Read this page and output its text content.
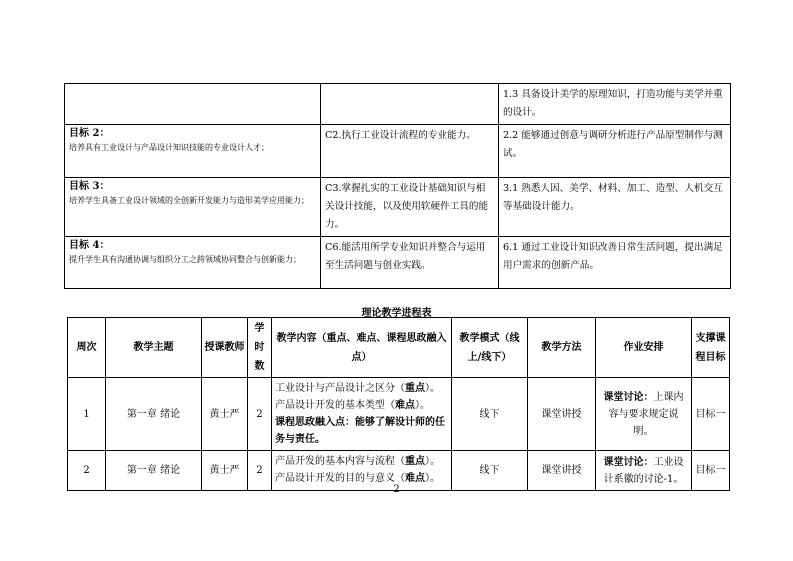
		1.3 具备设计美学的原理知识，打造功能与美学并重的设计。

目标 2：
培养具有工业设计与产品设计知识技能的专业设计人才；	C2.执行工业设计流程的专业能力。	2.2 能够通过创意与调研分析进行产品原型制作与测试。

目标 3：
培养学生具备工业设计领域的全创新开发能力与造形美学应用能力；	C3.掌握扎实的工业设计基础知识与相关设计技能，以及使用软硬件工具的能力。	3.1 熟悉人因、美学、材料、加工、造型、人机交互等基础设计能力。

目标 4：
提升学生具有沟通协调与组织分工之跨领域协同整合与创新能力；	C6.能活用所学专业知识并整合与运用至生活问题与创业实践。	6.1 通过工业设计知识改善日常生活问题，提出满足用户需求的创新产品。
理论教学进程表
周次	教学主题	授课教师	学时数	教学内容（重点、难点、课程思政融入点）	教学模式（线上/线下）	教学方法	作业安排	支撑课程目标
1	第一章 绪论	黄士严	2	工业设计与产品设计之区分（重点）。
产品设计开发的基本类型（难点）。
课程思政融入点：能够了解设计师的任务与责任。	线下	课堂讲授	课堂讨论：上课内容与要求规定说明。	目标一
2	第一章 绪论	黄士严	2	产品开发的基本内容与流程（重点）。
产品设计开发的目的与意义（难点）。	线下	课堂讲授	课堂讨论：工业设计系徽的讨论-1。	目标一
2
